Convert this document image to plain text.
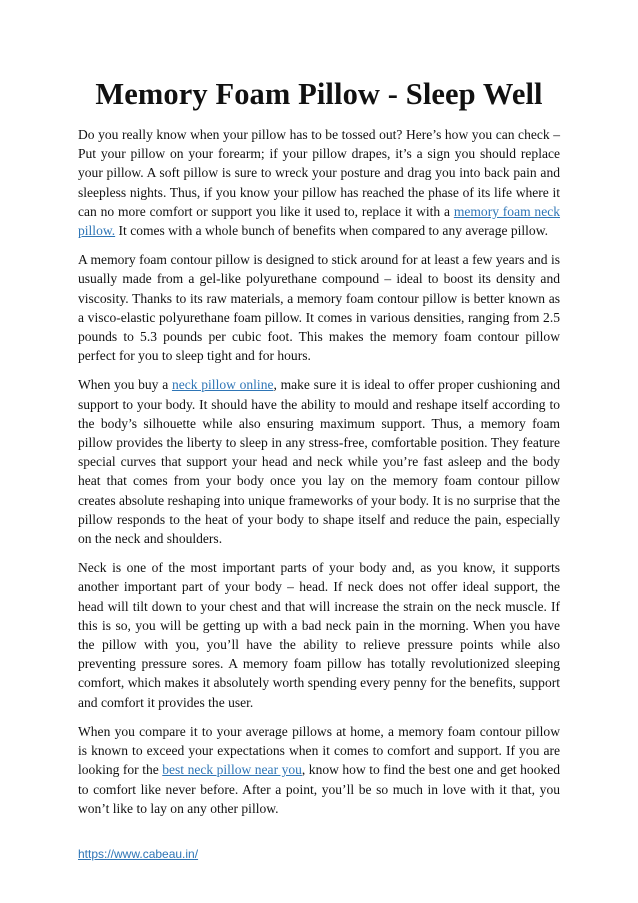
Memory Foam Pillow - Sleep Well

Do you really know when your pillow has to be tossed out? Here’s how you can check – Put your pillow on your forearm; if your pillow drapes, it’s a sign you should replace your pillow. A soft pillow is sure to wreck your posture and drag you into back pain and sleepless nights. Thus, if you know your pillow has reached the phase of its life where it can no more comfort or support you like it used to, replace it with a memory foam neck pillow. It comes with a whole bunch of benefits when compared to any average pillow.

A memory foam contour pillow is designed to stick around for at least a few years and is usually made from a gel-like polyurethane compound – ideal to boost its density and viscosity. Thanks to its raw materials, a memory foam contour pillow is better known as a visco-elastic polyurethane foam pillow. It comes in various densities, ranging from 2.5 pounds to 5.3 pounds per cubic foot. This makes the memory foam contour pillow perfect for you to sleep tight and for hours.

When you buy a neck pillow online, make sure it is ideal to offer proper cushioning and support to your body. It should have the ability to mould and reshape itself according to the body’s silhouette while also ensuring maximum support. Thus, a memory foam pillow provides the liberty to sleep in any stress-free, comfortable position. They feature special curves that support your head and neck while you’re fast asleep and the body heat that comes from your body once you lay on the memory foam contour pillow creates absolute reshaping into unique frameworks of your body. It is no surprise that the pillow responds to the heat of your body to shape itself and reduce the pain, especially on the neck and shoulders.

Neck is one of the most important parts of your body and, as you know, it supports another important part of your body – head. If neck does not offer ideal support, the head will tilt down to your chest and that will increase the strain on the neck muscle. If this is so, you will be getting up with a bad neck pain in the morning. When you have the pillow with you, you’ll have the ability to relieve pressure points while also preventing pressure sores. A memory foam pillow has totally revolutionized sleeping comfort, which makes it absolutely worth spending every penny for the benefits, support and comfort it provides the user.

When you compare it to your average pillows at home, a memory foam contour pillow is known to exceed your expectations when it comes to comfort and support. If you are looking for the best neck pillow near you, know how to find the best one and get hooked to comfort like never before. After a point, you’ll be so much in love with it that, you won’t like to lay on any other pillow.

https://www.cabeau.in/
